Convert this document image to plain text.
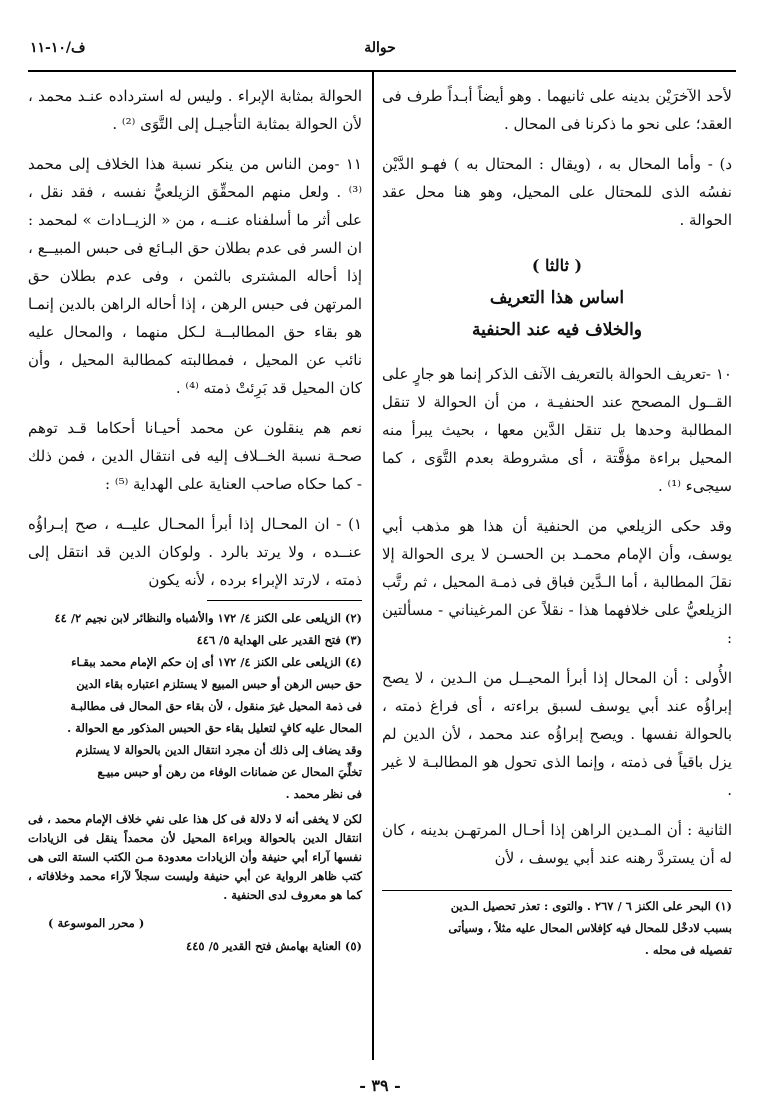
حوالة
ف/١٠-١١

لأحد الآخرَيْن بدينه على ثانيهما . وهو أيضاً أبـداً طرف فى العقد؛ على نحو ما ذكرنا فى المحال .

د) - وأما المحال به ، (ويقال : المحتال به ) فهـو الدَّيْن نفسُه الذى للمحتال على المحيل، وهو هنا محل عقد الحوالة .

( ثالثا )
اساس هذا التعريف
والخلاف فيه عند الحنفية

١٠ -تعريف الحوالة بالتعريف الآنف الذكر إنما هو جارٍ على القــول المصحح عند الحنفيـة ، من أن الحوالة لا تنقل المطالبة وحدها بل تنقل الدَّين معها ، بحيث يبرأ منه المحيل براءة مؤقَّتة ، أى مشروطة بعدم التَّوَى ، كما سيجىء ⁽¹⁾ .

وقد حكى الزيلعي من الحنفية أن هذا هو مذهب أبي يوسف، وأن الإمام محمـد بن الحسـن لا يرى الحوالة إلا نقلَ المطالبة ، أما الـدَّين فباق فى ذمـة المحيل ، ثم رتَّب الزيلعيُّ على خلافهما هذا - نقلاً عن المرغيناني - مسألتين :

الأُولى : أن المحال إذا أبرأ المحيــل من الـدين ، لا يصح إبراؤُه عند أبي يوسف لسبق براءته ، أى فراغ ذمته ، بالحوالة نفسها . ويصح إبراؤُه عند محمد ، لأن الدين لم يزل باقياً فى ذمته ، وإنما الذى تحول هو المطالبـة لا غير .

الثانية : أن المـدين الراهن إذا أحـال المرتهـن بدينه ، كان له أن يستردَّ رهنه عند أبي يوسف ، لأن

(١) البحر على الكنز ٦ / ٢٦٧ . والتوى : تعذر تحصيل الـدين
بسبب لادخْل للمحال فيه كإفلاس المحال عليه مثلاً ، وسيأتى
تفصيله فى محله .

الحوالة بمثابة الإبراء . وليس له استرداده عنـد محمد ، لأن الحوالة بمثابة التأجيـل إلى التَّوَى ⁽²⁾ .

١١ -ومن الناس من ينكر نسبة هذا الخلاف إلى محمد ⁽³⁾ . ولعل منهم المحقِّق الزيلعيُّ نفسه ، فقد نقل ، على أثر ما أسلفناه عنــه ، من « الزيــادات » لمحمد : ان السر فى عدم بطلان حق البـائع فى حبس المبيــع ، إذا أحاله المشترى بالثمن ، وفى عدم بطلان حق المرتهن فى حبس الرهن ، إذا أحاله الراهن بالدين إنمـا هو بقاء حق المطالبــة لـكل منهما ، والمحال عليه نائب عن المحيل ، فمطالبته كمطالبة المحيل ، وأن كان المحيل قد بَرِئتْ ذمته ⁽⁴⁾ .

نعم هم ينقلون عن محمد أحيـانا أحكاما قـد توهم صحـة نسبة الخــلاف إليه فى انتقال الدين ، فمن ذلك - كما حكاه صاحب العناية على الهداية ⁽⁵⁾ :

١) - ان المحـال إذا أبرأ المحـال عليــه ، صح إبـراؤُه عنــده ، ولا يرتد بالرد . ولوكان الدين قد انتقل إلى ذمته ، لارتد الإبراء برده ، لأنه يكون

(٢) الزيلعى على الكنز ٤/ ١٧٢ والأشباه والنظائر لابن نجيم ٢/ ٤٤
(٣) فتح القدير على الهداية ٥/ ٤٤٦
(٤) الزيلعى على الكنز ٤/ ١٧٢ أى إن حكم الإمام محمد ببقـاء
حق حبس الرهن أو حبس المبيع لا يستلزم اعتباره بقاء الدين
فى ذمة المحيل غيرَ منقول ، لأن بقاء حق المحال فى مطالبـة
المحال عليه كافٍ لتعليل بقاء حق الحبس المذكور مع الحوالة .
وقد يضاف إلى ذلك أن مجرد انتقال الدين بالحوالة لا يستلزم
تخلِّيَ المحال عن ضمانات الوفاء من رهن أو حبس مبيـع
فى نظر محمد .
لكن لا يخفى أنه لا دلالة فى كل هذا على نفي خلاف الإمام محمد ، فى انتقال الدين بالحوالة وبراءة المحيل لأن محمداً ينقل فى الزيادات نفسها آراء أبي حنيفة وأن الزيادات معدودة مـن الكتب الستة التى هى كتب ظاهر الرواية عن أبي حنيفة وليست سجلاً لآراء محمد وخلافاته ، كما هو معروف لدى الحنفية .
( محرر الموسوعة )
(٥) العناية بهامش فتح القدير ٥/ ٤٤٥
- ٣٩ -
